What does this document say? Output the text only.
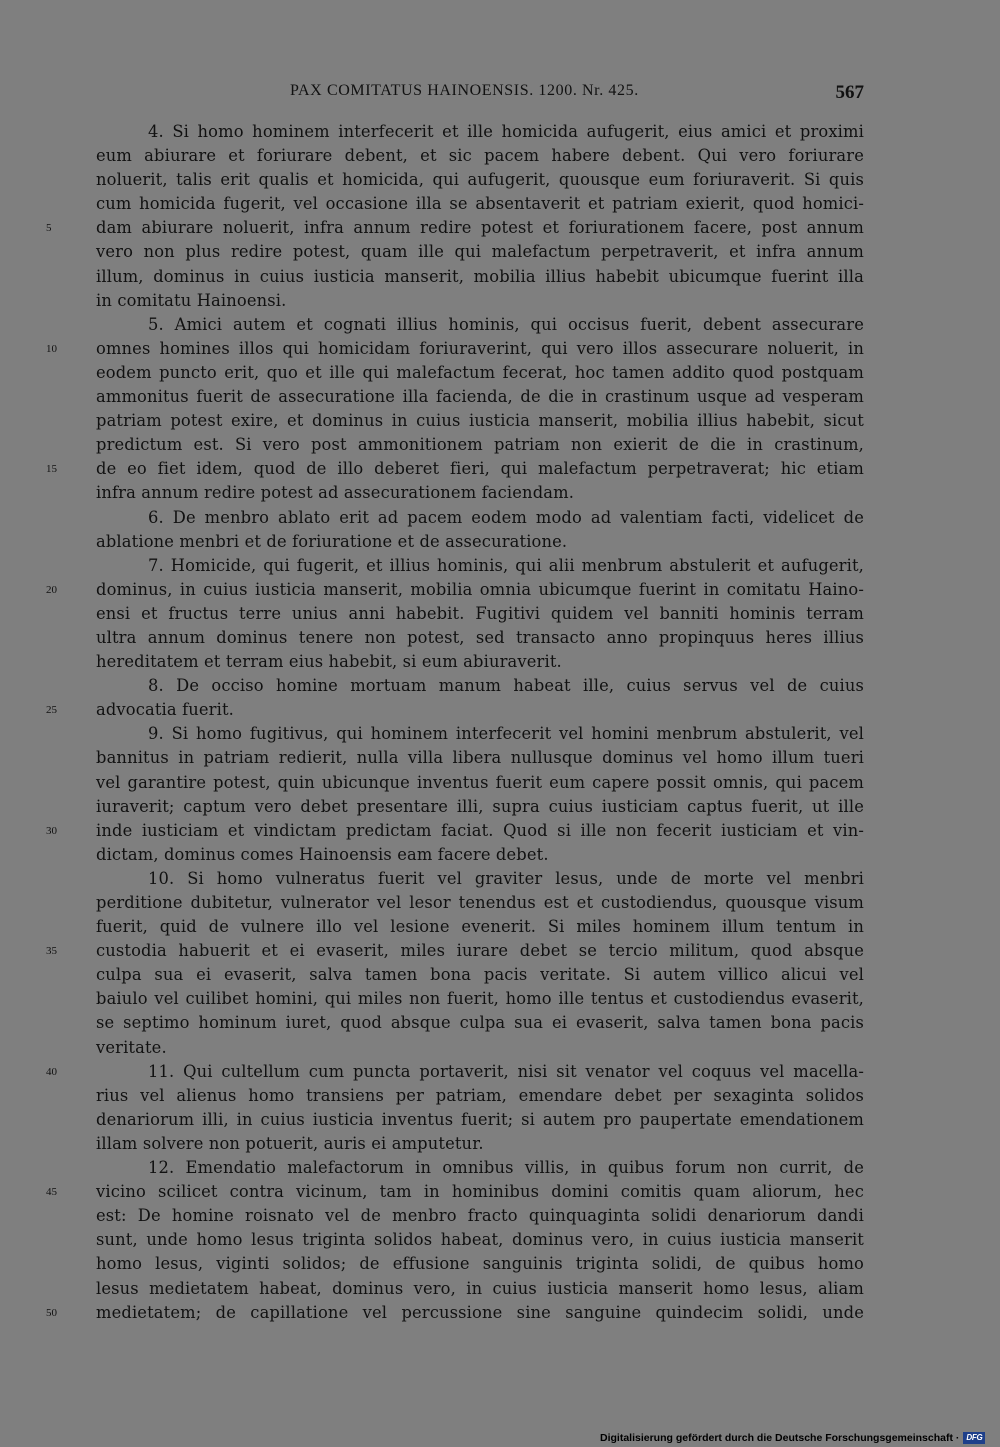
PAX COMITATUS HAINOENSIS. 1200. Nr. 425.	567
4. Si homo hominem interfecerit et ille homicida aufugerit, eius amici et proximi
eum abiurare et foriurare debent, et sic pacem habere debent. Qui vero foriurare
noluerit, talis erit qualis et homicida, qui aufugerit, quousque eum foriuraverit. Si quis
cum homicida fugerit, vel occasione illa se absentaverit et patriam exierit, quod homici-
5	dam abiurare noluerit, infra annum redire potest et foriurationem facere, post annum
vero non plus redire potest, quam ille qui malefactum perpetraverit, et infra annum
illum, dominus in cuius iusticia manserit, mobilia illius habebit ubicumque fuerint illa
in comitatu Hainoensi.
5. Amici autem et cognati illius hominis, qui occisus fuerit, debent assecurare
10 omnes homines illos qui homicidam foriuraverint, qui vero illos assecurare noluerit, in
eodem puncto erit, quo et ille qui malefactum fecerat, hoc tamen addito quod postquam
ammonitus fuerit de assecuratione illa facienda, de die in crastinum usque ad vesperam
patriam potest exire, et dominus in cuius iusticia manserit, mobilia illius habebit, sicut
predictum est. Si vero post ammonitionem patriam non exierit de die in crastinum,
15 de eo fiet idem, quod de illo deberet fieri, qui malefactum perpetraverat; hic etiam
infra annum redire potest ad assecurationem faciendam.
6. De menbro ablato erit ad pacem eodem modo ad valentiam facti, videlicet de
ablatione menbri et de foriuratione et de assecuratione.
7. Homicide, qui fugerit, et illius hominis, qui alii menbrum abstulerit et aufugerit,
20 dominus, in cuius iusticia manserit, mobilia omnia ubicumque fuerint in comitatu Haino-
ensi et fructus terre unius anni habebit. Fugitivi quidem vel banniti hominis terram
ultra annum dominus tenere non potest, sed transacto anno propinquus heres illius
hereditatem et terram eius habebit, si eum abiuraverit.
8. De occiso homine mortuam manum habeat ille, cuius servus vel de cuius
25 advocatia fuerit.
9. Si homo fugitivus, qui hominem interfecerit vel homini menbrum abstulerit, vel
bannitus in patriam redierit, nulla villa libera nullusque dominus vel homo illum tueri
vel garantire potest, quin ubicunque inventus fuerit eum capere possit omnis, qui pacem
iuraverit; captum vero debet presentare illi, supra cuius iusticiam captus fuerit, ut ille
30 inde iusticiam et vindictam predictam faciat. Quod si ille non fecerit iusticiam et vin-
dictam, dominus comes Hainoensis eam facere debet.
10. Si homo vulneratus fuerit vel graviter lesus, unde de morte vel menbri
perditione dubitetur, vulnerator vel lesor tenendus est et custodiendus, quousque visum
fuerit, quid de vulnere illo vel lesione evenerit. Si miles hominem illum tentum in
35 custodia habuerit et ei evaserit, miles iurare debet se tercio militum, quod absque
culpa sua ei evaserit, salva tamen bona pacis veritate. Si autem villico alicui vel
baiulo vel cuilibet homini, qui miles non fuerit, homo ille tentus et custodiendus evaserit,
se septimo hominum iuret, quod absque culpa sua ei evaserit, salva tamen bona pacis
veritate.
40	11. Qui cultellum cum puncta portaverit, nisi sit venator vel coquus vel macella-
rius vel alienus homo transiens per patriam, emendare debet per sexaginta solidos
denariorum illi, in cuius iusticia inventus fuerit; si autem pro paupertate emendationem
illam solvere non potuerit, auris ei amputetur.
12. Emendatio malefactorum in omnibus villis, in quibus forum non currit, de
45 vicino scilicet contra vicinum, tam in hominibus domini comitis quam aliorum, hec
est: De homine roisnato vel de menbro fracto quinquaginta solidi denariorum dandi
sunt, unde homo lesus triginta solidos habeat, dominus vero, in cuius iusticia manserit
homo lesus, viginti solidos; de effusione sanguinis triginta solidi, de quibus homo
lesus medietatem habeat, dominus vero, in cuius iusticia manserit homo lesus, aliam
50 medietatem; de capillatione vel percussione sine sanguine quindecim solidi, unde
Digitalisierung gefördert durch die Deutsche Forschungsgemeinschaft · DFG
